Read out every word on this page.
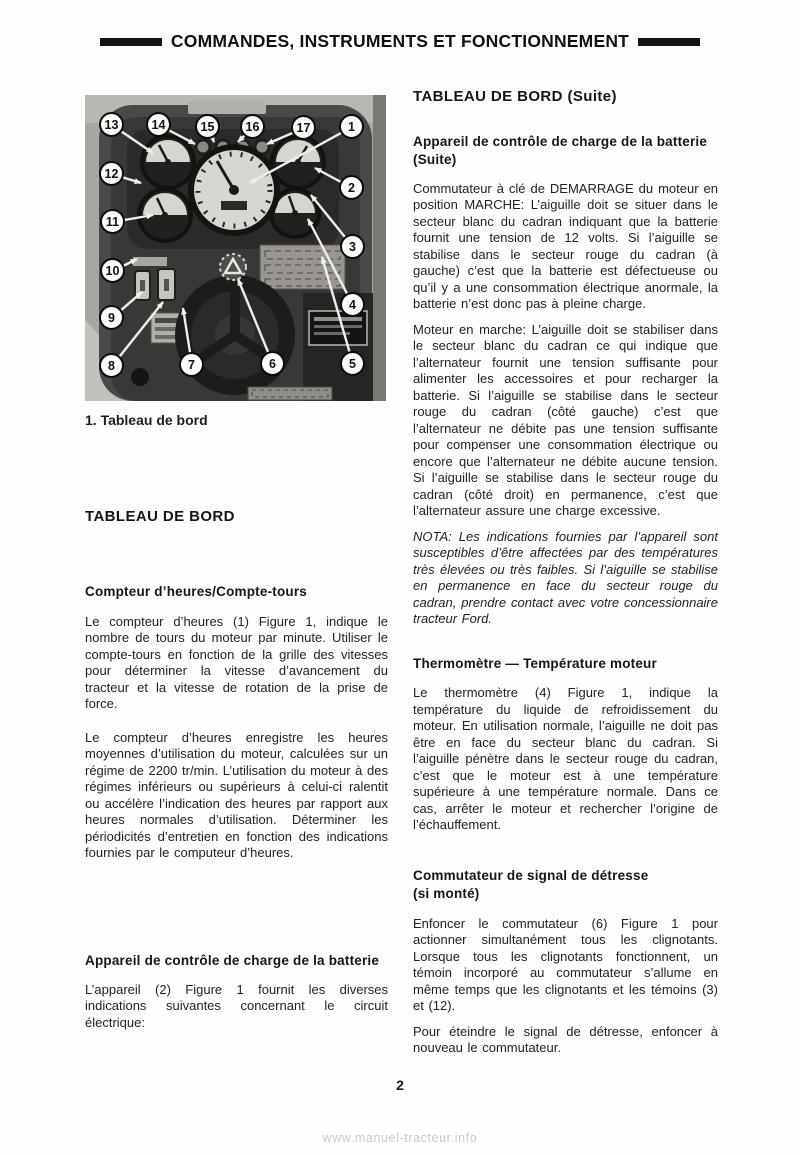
COMMANDES, INSTRUMENTS ET FONCTIONNEMENT
1
2
3
4
5
6
7
8
9
10
11
12
13	14	15	16	17
1. Tableau de bord
TABLEAU DE BORD
Compteur d’heures/Compte-tours

Le compteur d’heures (1) Figure 1, indique le nombre de tours du moteur par minute. Utiliser le compte-tours en fonction de la grille des vitesses pour déterminer la vitesse d’avancement du tracteur et la vitesse de rotation de la prise de force.

Le compteur d’heures enregistre les heures moyennes d’utilisation du moteur, calculées sur un régime de 2200 tr/min. L’utilisation du moteur à des régimes inférieurs ou supérieurs à celui-ci ralentit ou accélère l’indication des heures par rapport aux heures normales d’utilisation. Déterminer les périodicités d’entretien en fonction des indications fournies par le computeur d’heures.

Appareil de contrôle de charge de la batterie

L’appareil (2) Figure 1 fournit les diverses indications suivantes concernant le circuit électrique:

TABLEAU DE BORD (Suite)
Appareil de contrôle de charge de la batterie (Suite)

Commutateur à clé de DEMARRAGE du moteur en position MARCHE: L’aiguille doit se situer dans le secteur blanc du cadran indiquant que la batterie fournit une tension de 12 volts. Si l’aiguille se stabilise dans le secteur rouge du cadran (à gauche) c’est que la batterie est défectueuse ou qu’il y a une consommation électrique anormale, la batterie n’est donc pas à pleine charge.

Moteur en marche: L’aiguille doit se stabiliser dans le secteur blanc du cadran ce qui indique que l’alternateur fournit une tension suffisante pour alimenter les accessoires et pour recharger la batterie. Si l’aiguille se stabilise dans le secteur rouge du cadran (côté gauche) c’est que l’alternateur ne débite pas une tension suffisante pour compenser une consommation électrique ou encore que l’alternateur ne débite aucune tension. Si l’aiguille se stabilise dans le secteur rouge du cadran (côté droit) en permanence, c’est que l’alternateur assure une charge excessive.

NOTA: Les indications fournies par l’appareil sont susceptibles d’être affectées par des températures très élevées ou très faibles. Si l’aiguille se stabilise en permanence en face du secteur rouge du cadran, prendre contact avec votre concessionnaire tracteur Ford.

Thermomètre — Température moteur

Le thermomètre (4) Figure 1, indique la température du liquide de refroidissement du moteur. En utilisation normale, l’aiguille ne doit pas être en face du secteur blanc du cadran. Si l’aiguille pénètre dans le secteur rouge du cadran, c’est que le moteur est à une température supérieure à une température normale. Dans ce cas, arrêter le moteur et rechercher l’origine de l’échauffement.

Commutateur de signal de détresse (si monté)

Enfoncer le commutateur (6) Figure 1 pour actionner simultanément tous les clignotants. Lorsque tous les clignotants fonctionnent, un témoin incorporé au commutateur s’allume en même temps que les clignotants et les témoins (3) et (12).

Pour éteindre le signal de détresse, enfoncer à nouveau le commutateur.

2
www.manuel-tracteur.info
